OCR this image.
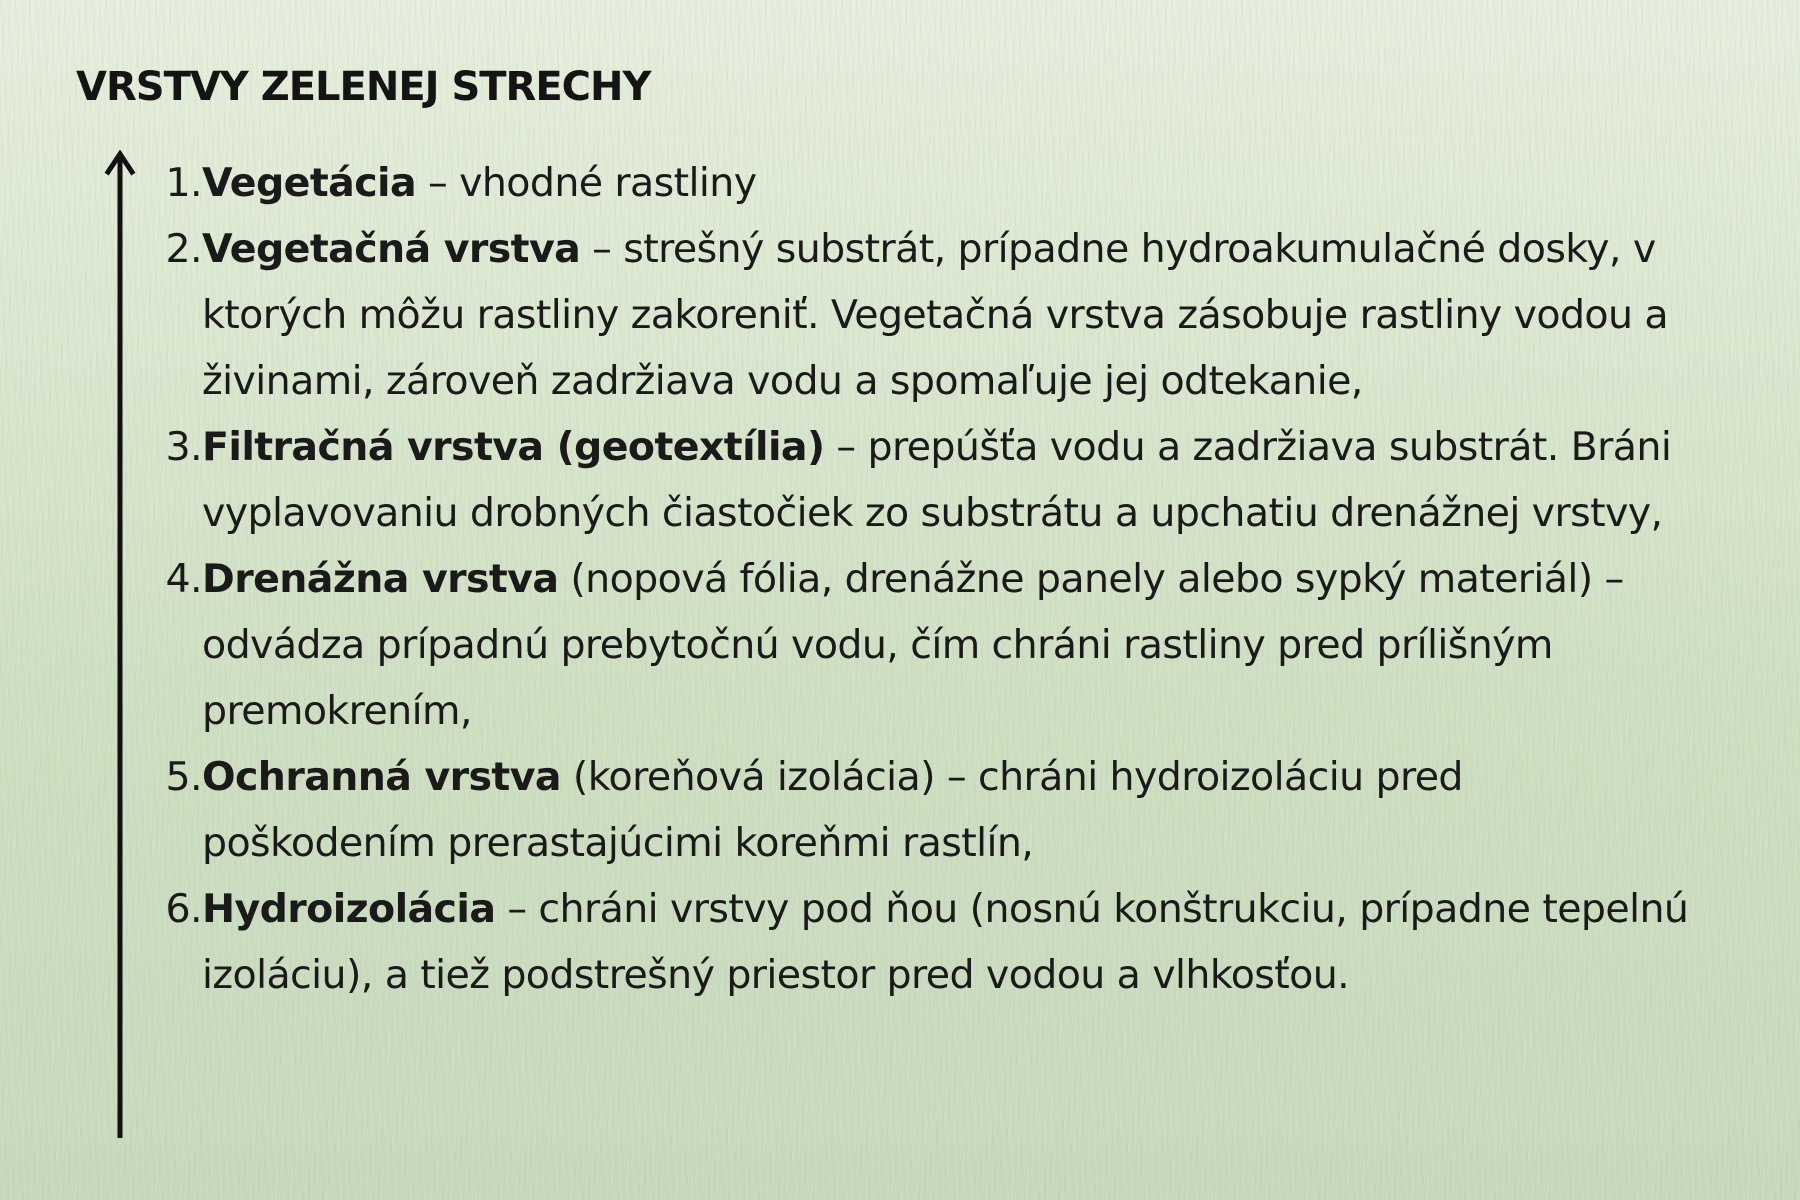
VRSTVY ZELENEJ STRECHY
1. Vegetácia – vhodné rastliny
2. Vegetačná vrstva – strešný substrát, prípadne hydroakumulačné dosky, v ktorých môžu rastliny zakoreniť. Vegetačná vrstva zásobuje rastliny vodou a živinami, zároveň zadržiava vodu a spomaľuje jej odtekanie,
3. Filtračná vrstva (geotextília) – prepúšťa vodu a zadržiava substrát. Bráni vyplavovaniu drobných čiastočiek zo substrátu a upchatiu drenážnej vrstvy,
4. Drenážna vrstva (nopová fólia, drenážne panely alebo sypký materiál) – odvádza prípadnú prebytočnú vodu, čím chráni rastliny pred prílišným premokrením,
5. Ochranná vrstva (koreňová izolácia) – chráni hydroizoláciu pred poškodením prerastajúcimi koreňmi rastlín,
6. Hydroizolácia – chráni vrstvy pod ňou (nosnú konštrukciu, prípadne tepelnú izoláciu), a tiež podstrešný priestor pred vodou a vlhkosťou.
